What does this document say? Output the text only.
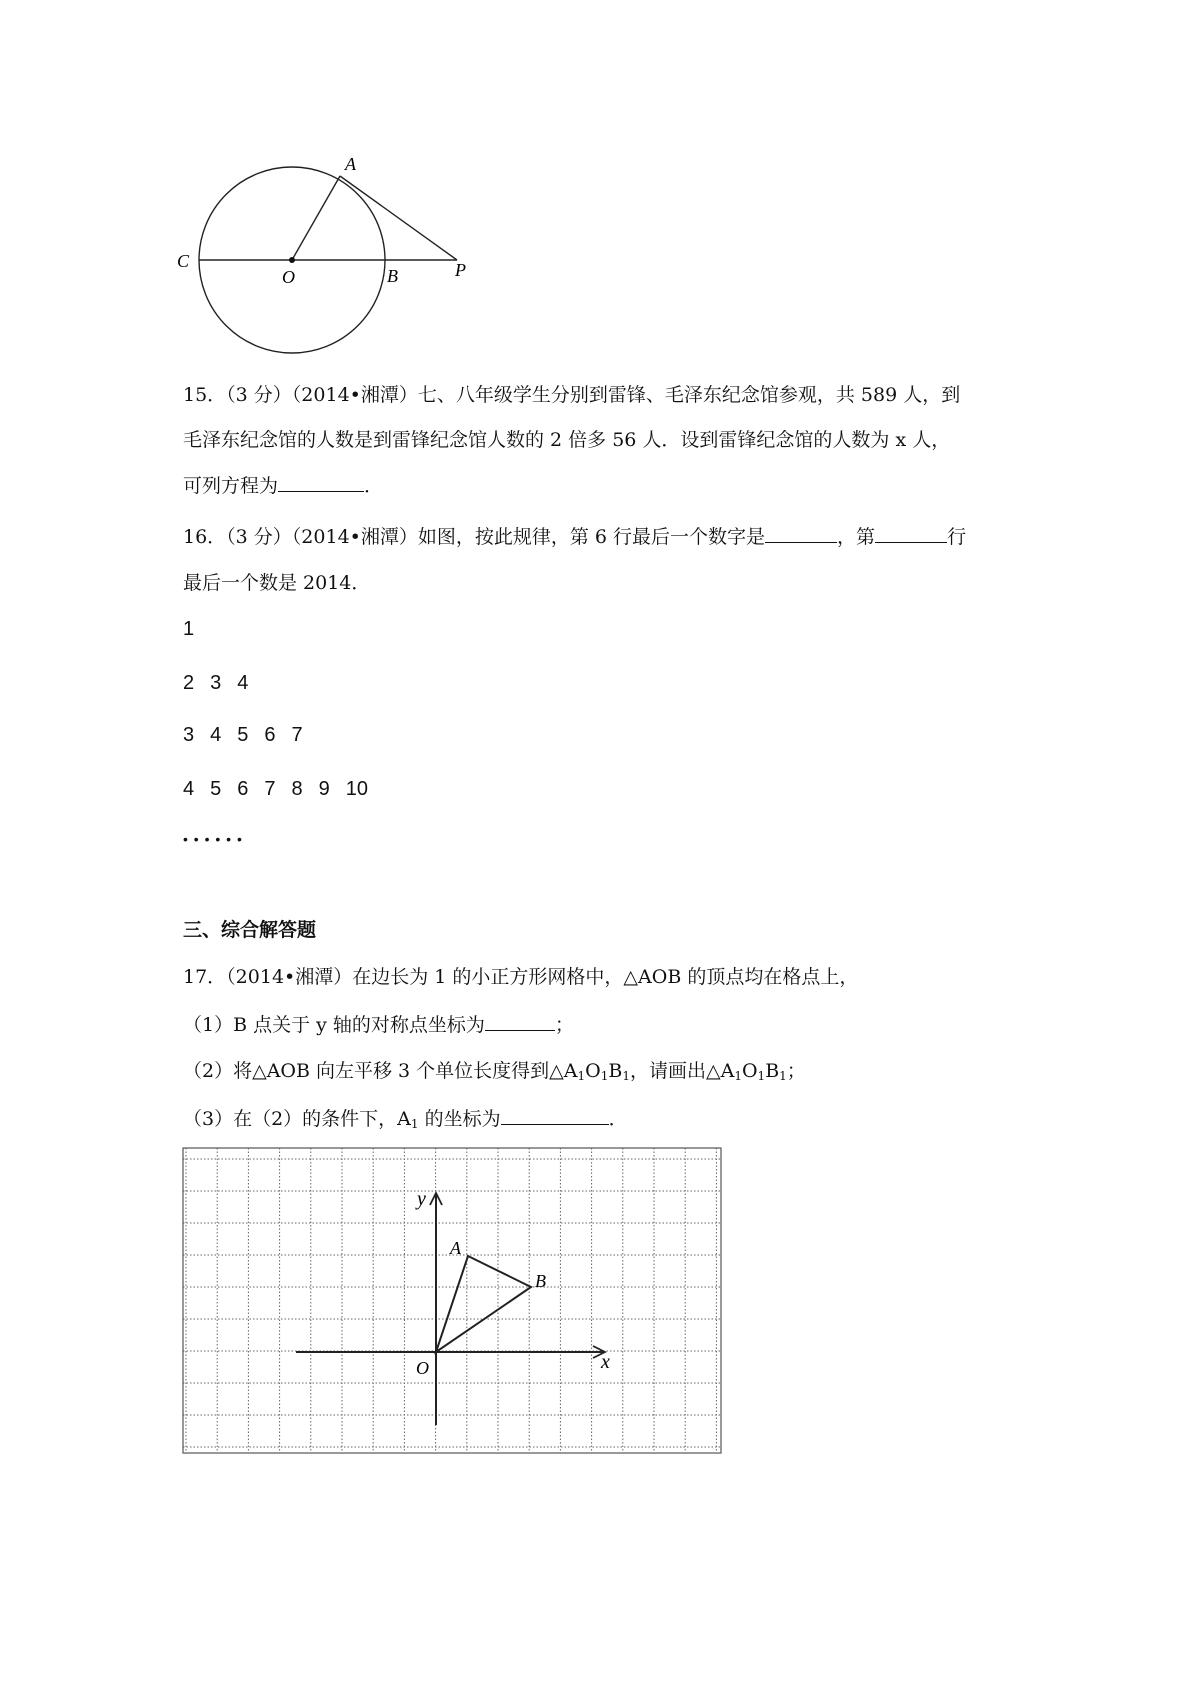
A
C
O	B	P
15．（3 分）（2014•湘潭）七、八年级学生分别到雷锋、毛泽东纪念馆参观，共 589 人，到
毛泽东纪念馆的人数是到雷锋纪念馆人数的 2 倍多 56 人．设到雷锋纪念馆的人数为 x 人，
可列方程为	．
16．（3 分）（2014•湘潭）如图，按此规律，第 6 行最后一个数字是	，第	行
最后一个数是 2014．
1
2 3 4
3 4 5 6 7
4 5 6 7 8 9 10
• • • • • •
三、综合解答题
17．（2014•湘潭）在边长为 1 的小正方形网格中，△AOB 的顶点均在格点上，
（1）B 点关于 y 轴的对称点坐标为	；
（2）将△AOB 向左平移 3 个单位长度得到$\triangle A_1O_1B_1$，请画出$\triangle A_1O_1B_1$；
（3）在（2）的条件下，$A_1$ 的坐标为	．
y
x
A
B
O
